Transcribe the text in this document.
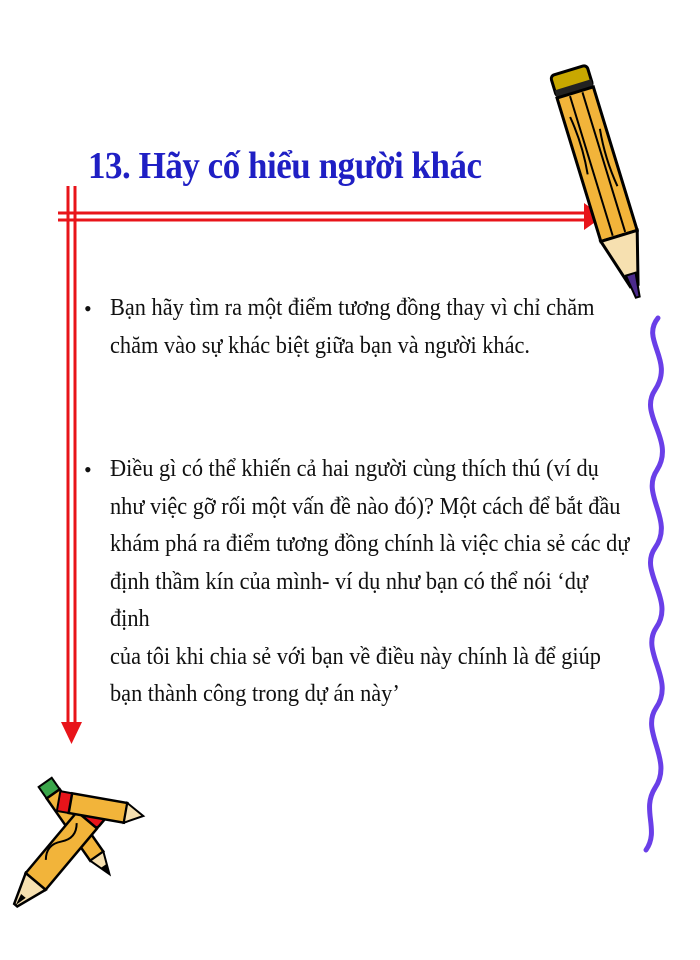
13. Hãy cố hiểu người khác
• Bạn hãy tìm ra một điểm tương đồng thay vì chỉ chăm
chăm vào sự khác biệt giữa bạn và người khác.
• Điều gì có thể khiến cả hai người cùng thích thú (ví dụ
như việc gỡ rối một vấn đề nào đó)? Một cách để bắt đầu
khám phá ra điểm tương đồng chính là việc chia sẻ các dự
định thầm kín của mình- ví dụ như bạn có thể nói ‘dự định
của tôi khi chia sẻ với bạn về điều này chính là để giúp
bạn thành công trong dự án này’
